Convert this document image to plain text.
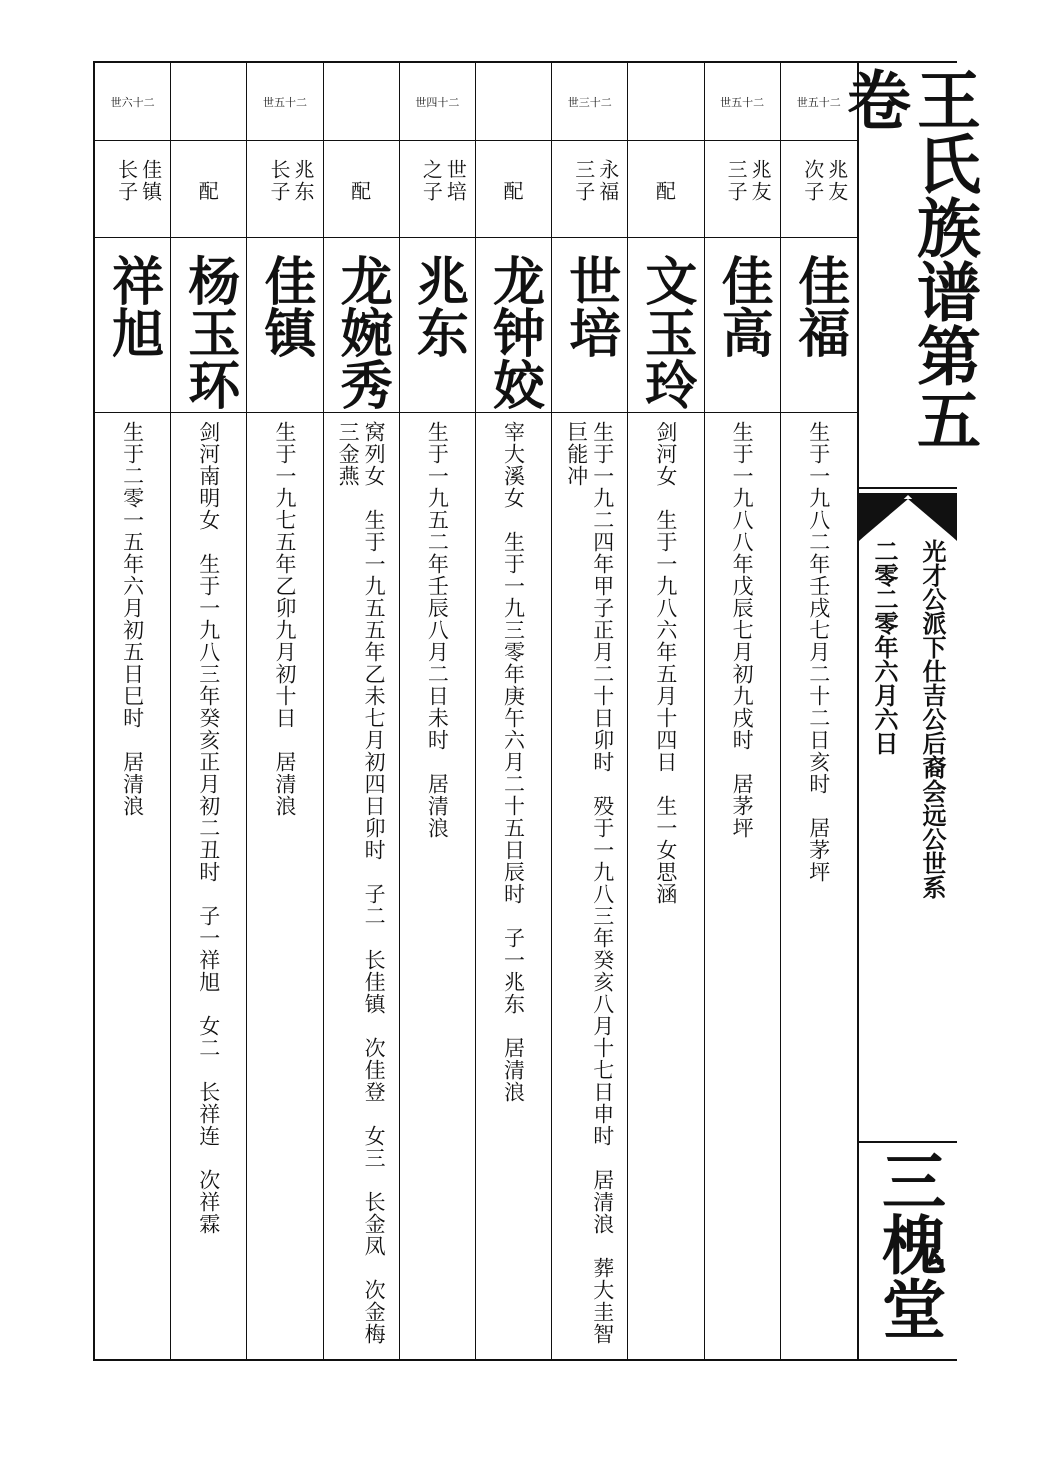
世六十二
佳镇长子
祥旭
生于二零一五年六月初五日巳时　居清浪
配
杨玉环
剑河南明女　生于一九八三年癸亥正月初二丑时　子一祥旭　女二　长祥连　次祥霖
世五十二
兆东长子
佳镇
生于一九七五年乙卯九月初十日　居清浪
配
龙婉秀
窝列女　生于一九五五年乙未七月初四日卯时　子二　长佳镇　次佳登　女三　长金凤　次金梅　三金燕
世四十二
世培之子
兆东
生于一九五二年壬辰八月二日未时　居清浪
配
龙钟姣
宰大溪女　生于一九三零年庚午六月二十五日辰时　子一兆东　居清浪
世三十二
永福三子
世培
生于一九二四年甲子正月二十日卯时　殁于一九八三年癸亥八月十七日申时　居清浪　葬大圭智巨能冲
配
文玉玲
剑河女　生于一九八六年五月十四日　生一女思涵
世五十二
兆友三子
佳高
生于一九八八年戊辰七月初九戌时　居茅坪
世五十二
兆友次子
佳福
生于一九八二年壬戌七月二十二日亥时　居茅坪
王氏族谱第五卷
光才公派下仕吉公后裔会远公世系
二零二零年六月六日
三槐堂
